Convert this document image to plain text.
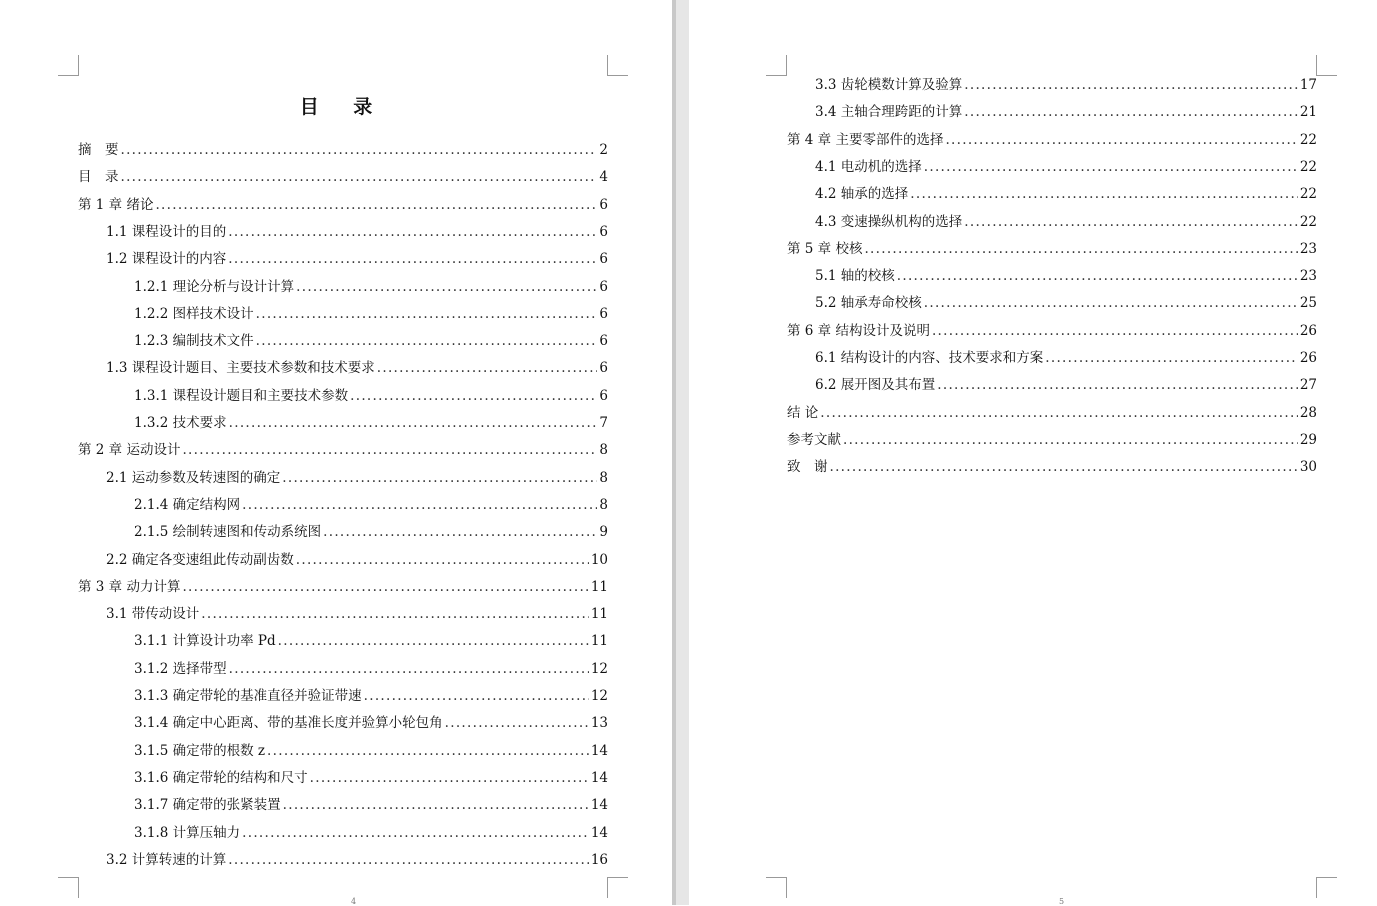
目 录
摘　要 .....	2
目　录 .....	4
第 1 章 绪论 .....	6
1.1 课程设计的目的 .....	6
1.2 课程设计的内容 .....	6
1.2.1 理论分析与设计计算 .....	6
1.2.2 图样技术设计 .....	6
1.2.3 编制技术文件 .....	6
1.3 课程设计题目、主要技术参数和技术要求 .....	6
1.3.1 课程设计题目和主要技术参数 .....	6
1.3.2 技术要求 .....	7
第 2 章 运动设计 .....	8
2.1 运动参数及转速图的确定 .....	8
2.1.4 确定结构网 .....	8
2.1.5 绘制转速图和传动系统图 .....	9
2.2 确定各变速组此传动副齿数 .....	10
第 3 章 动力计算 .....	11
3.1 带传动设计 .....	11
3.1.1 计算设计功率 Pd .....	11
3.1.2 选择带型 .....	12
3.1.3 确定带轮的基准直径并验证带速 .....	12
3.1.4 确定中心距离、带的基准长度并验算小轮包角 .....	13
3.1.5 确定带的根数 z .....	14
3.1.6 确定带轮的结构和尺寸 .....	14
3.1.7 确定带的张紧装置 .....	14
3.1.8 计算压轴力 .....	14
3.2 计算转速的计算 .....	16
4
3.3 齿轮模数计算及验算 .....	17
3.4 主轴合理跨距的计算 .....	21
第 4 章 主要零部件的选择 .....	22
4.1 电动机的选择 .....	22
4.2 轴承的选择 .....	22
4.3 变速操纵机构的选择 .....	22
第 5 章 校核 .....	23
5.1 轴的校核 .....	23
5.2 轴承寿命校核 .....	25
第 6 章 结构设计及说明 .....	26
6.1 结构设计的内容、技术要求和方案 .....	26
6.2 展开图及其布置 .....	27
结 论 .....	28
参考文献 .....	29
致　谢 .....	30
5
